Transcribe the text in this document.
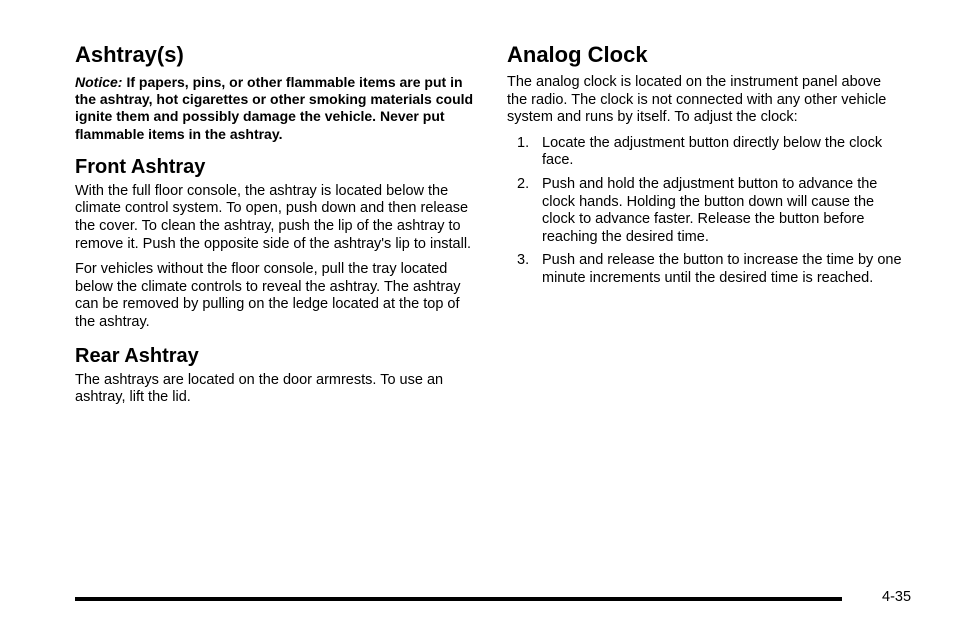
Ashtray(s)

Notice: If papers, pins, or other flammable items are put in the ashtray, hot cigarettes or other smoking materials could ignite them and possibly damage the vehicle. Never put flammable items in the ashtray.

Front Ashtray

With the full floor console, the ashtray is located below the climate control system. To open, push down and then release the cover. To clean the ashtray, push the lip of the ashtray to remove it. Push the opposite side of the ashtray's lip to install.

For vehicles without the floor console, pull the tray located below the climate controls to reveal the ashtray. The ashtray can be removed by pulling on the ledge located at the top of the ashtray.

Rear Ashtray

The ashtrays are located on the door armrests. To use an ashtray, lift the lid.

Analog Clock

The analog clock is located on the instrument panel above the radio. The clock is not connected with any other vehicle system and runs by itself. To adjust the clock:

1. Locate the adjustment button directly below the clock face.
2. Push and hold the adjustment button to advance the clock hands. Holding the button down will cause the clock to advance faster. Release the button before reaching the desired time.
3. Push and release the button to increase the time by one minute increments until the desired time is reached.
4-35
